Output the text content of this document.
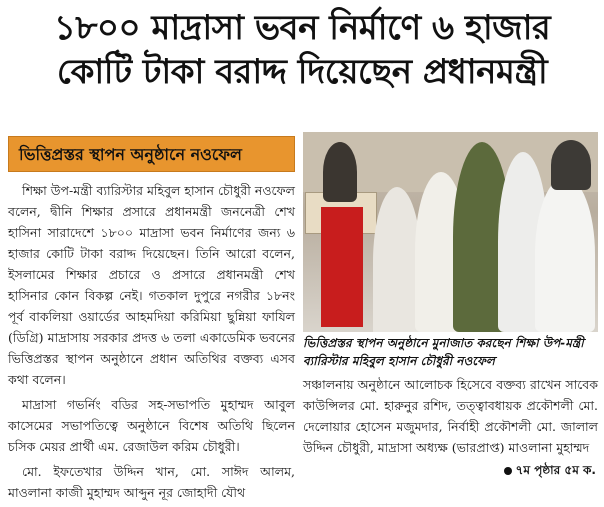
১৮০০ মাদ্রাসা ভবন নির্মাণে ৬ হাজার
কোটি টাকা বরাদ্দ দিয়েছেন প্রধানমন্ত্রী
ভিত্তিপ্রস্তর স্থাপন অনুষ্ঠানে নওফেল

শিক্ষা উপ-মন্ত্রী ব্যারিস্টার মহিবুল হাসান চৌধুরী নওফেল বলেন, দ্বীনি শিক্ষার প্রসারে প্রধানমন্ত্রী জননেত্রী শেখ হাসিনা সারাদেশে ১৮০০ মাদ্রাসা ভবন নির্মাণের জন্য ৬ হাজার কোটি টাকা বরাদ্দ দিয়েছেন। তিনি আরো বলেন, ইসলামের শিক্ষার প্রচারে ও প্রসারে প্রধানমন্ত্রী শেখ হাসিনার কোন বিকল্প নেই। গতকাল দুপুরে নগরীর ১৮নং পূর্ব বাকলিয়া ওয়ার্ডের আহমদিয়া করিমিয়া ছুন্নিয়া ফাযিল (ডিগ্রি) মাদ্রাসায় সরকার প্রদত্ত ৬ তলা একাডেমিক ভবনের ভিত্তিপ্রস্তর স্থাপন অনুষ্ঠানে প্রধান অতিথির বক্তব্য এসব কথা বলেন।

মাদ্রাসা গভর্নিং বডির সহ-সভাপতি মুহাম্মদ আবুল কাসেমের সভাপতিত্বে অনুষ্ঠানে বিশেষ অতিথি ছিলেন চসিক মেয়র প্রার্থী এম. রেজাউল করিম চৌধুরী।

মো. ইফতেখার উদ্দিন খান, মো. সাঈদ আলম, মাওলানা কাজী মুহাম্মদ আব্দুন নূর জোহাদী যৌথ

ভিত্তিপ্রস্তর স্থাপন অনুষ্ঠানে মুনাজাত করছেন শিক্ষা উপ-মন্ত্রী ব্যারিস্টার মহিবুল হাসান চৌধুরী নওফেল
সঞ্চালনায় অনুষ্ঠানে আলোচক হিসেবে বক্তব্য রাখেন সাবেক কাউন্সিলর মো. হারুনুর রশিদ, তত্ত্বাবধায়ক প্রকৌশলী মো. দেলোয়ার হোসেন মজুমদার, নির্বাহী প্রকৌশলী মো. জালাল উদ্দিন চৌধুরী, মাদ্রাসা অধ্যক্ষ (ভারপ্রাপ্ত) মাওলানা মুহাম্মদ
৭ম পৃষ্ঠার ৫ম ক.
